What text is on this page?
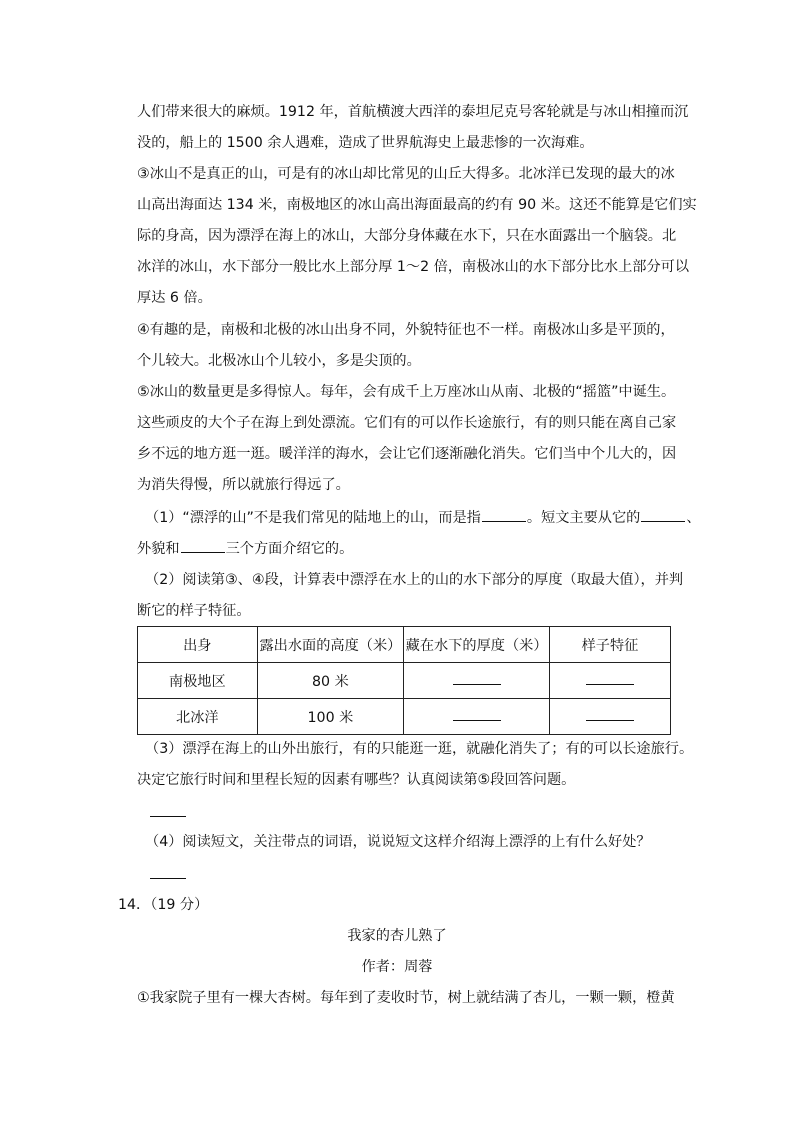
人们带来很大的麻烦。1912 年，首航横渡大西洋的泰坦尼克号客轮就是与冰山相撞而沉
没的，船上的 1500 余人遇难，造成了世界航海史上最悲惨的一次海难。
③冰山不是真正的山，可是有的冰山却比常见的山丘大得多。北冰洋已发现的最大的冰
山高出海面达 134 米，南极地区的冰山高出海面最高的约有 90 米。这还不能算是它们实
际的身高，因为漂浮在海上的冰山，大部分身体藏在水下，只在水面露出一个脑袋。北
冰洋的冰山，水下部分一般比水上部分厚 1～2 倍，南极冰山的水下部分比水上部分可以
厚达 6 倍。
④有趣的是，南极和北极的冰山出身不同，外貌特征也不一样。南极冰山多是平顶的，
个儿较大。北极冰山个儿较小，多是尖顶的。
⑤冰山的数量更是多得惊人。每年，会有成千上万座冰山从南、北极的“摇篮”中诞生。
这些顽皮的大个子在海上到处漂流。它们有的可以作长途旅行，有的则只能在离自己家
乡不远的地方逛一逛。暖洋洋的海水，会让它们逐渐融化消失。它们当中个儿大的，因
为消失得慢，所以就旅行得远了。
（1）“漂浮的山”不是我们常见的陆地上的山，而是指	。短文主要从它的	、
外貌和	三个方面介绍它的。
（2）阅读第③、④段，计算表中漂浮在水上的山的水下部分的厚度（取最大值），并判
断它的样子特征。
出身	露出水面的高度（米）	藏在水下的厚度（米）	样子特征
南极地区	80 米		
北冰洋	100 米		
（3）漂浮在海上的山外出旅行，有的只能逛一逛，就融化消失了；有的可以长途旅行。
决定它旅行时间和里程长短的因素有哪些？认真阅读第⑤段回答问题。
（4）阅读短文，关注带点的词语，说说短文这样介绍海上漂浮的上有什么好处？
14．（19 分）
我家的杏儿熟了
作者：周蓉
①我家院子里有一棵大杏树。每年到了麦收时节，树上就结满了杏儿，一颗一颗，橙黄
